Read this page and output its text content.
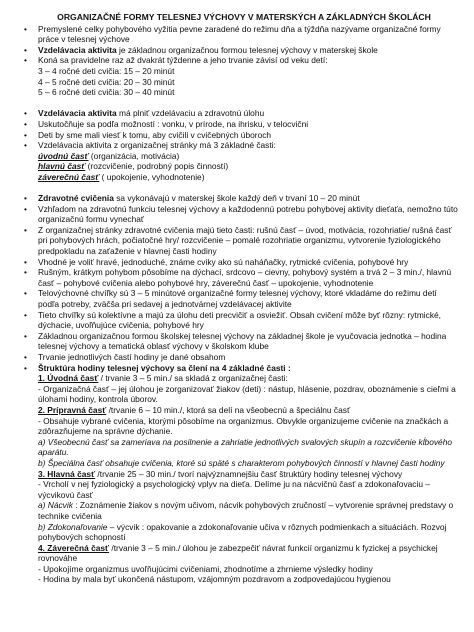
ORGANIZAČNÉ FORMY TELESNEJ VÝCHOVY V MATERSKÝCH A ZÁKLADNÝCH ŠKOLÁCH
• Premyslené celky pohybového vyžitia pevne zaradené do režimu dňa a týždňa nazývame organizačné formy práce v telesnej výchove
• Vzdelávacia aktivita je základnou organizačnou formou telesnej výchovy v materskej škole
• Koná sa pravidelne raz až dvakrát týždenne a jeho trvanie závisí od veku detí:
3 – 4 ročné deti cvičia: 15 – 20 minút
4 – 5 ročné deti cvičia: 20 – 30 minút
5 – 6 ročné deti cvičia: 30 – 40 minút
• Vzdelávacia aktivita má plniť vzdelávaciu a zdravotnú úlohu
• Uskutočňuje sa podľa možností : vonku, v prírode, na ihrisku, v telocvični
• Deti by sme mali viesť k tomu, aby cvičili v cvičebných úboroch
• Vzdelávacia aktivita z organizačnej stránky má 3 základné časti:
úvodnú časť (organizácia, motivácia)
hlavnú časť (rozcvičenie, podrobný popis činností)
záverečnú časť ( upokojenie, vyhodnotenie)
• Zdravotné cvičenia sa vykonávajú v materskej škole každý deň v trvaní 10 – 20 minút
• Vzhľadom na zdravotnú funkciu telesnej výchovy a každodennú potrebu pohybovej aktivity dieťaťa, nemožno túto organizačnú formu vynechať
• Z organizačnej stránky zdravotné cvičenia majú tieto časti: rušnú časť – úvod, motivácia, rozohriatie/ rušná časť pri pohybových hrách, počiatočné hry/ rozcvičenie – pomalé rozohriatie organizmu, vytvorenie fyziologického predpokladu na zaťaženie v hlavnej časti hodiny
• Vhodné je voliť hravé, jednoduché, známe cviky ako sú naháňačky, rytmické cvičenia, pohybové hry
• Rušným, krátkym pohybom pôsobíme na dýchací, srdcovo – cievny, pohybový systém a trvá 2 – 3 min./, hlavnú časť – pohybové cvičenia alebo pohybové hry, záverečnú časť – upokojenie, vyhodnotenie
• Telovýchovné chvíľky sú 3 – 5 minútové organizačné formy telesnej výchovy, ktoré vkladáme do režimu detí podľa potreby, zväčša pri sedavej a jednotvárnej vzdelávacej aktivite
• Tieto chvíľky sú kolektívne a majú za úlohu deti precvičiť a osviežiť. Obsah cvičení môže byť rôzny: rytmické, dýchacie, uvoľňujúce cvičenia, pohybové hry
• Základnou organizačnou formou školskej telesnej výchovy na základnej škole je vyučovacia jednotka – hodina telesnej výchovy a tematická oblasť výchovy v školskom klube
• Trvanie jednotlivých častí hodiny je dané obsahom
• Štruktúra hodiny telesnej výchovy sa člení na 4 základné časti :
1. Úvodná časť / trvanie 3 – 5 min./ sa skladá z organizačnej časti:
- Organizačná časť – jej úlohou je zorganizovať žiakov (deti) : nástup, hlásenie, pozdrav, oboznámenie s cieľmi a úlohami hodiny, kontrola úborov.
2. Prípravná časť /trvanie 6 – 10 min./, ktorá sa delí na všeobecnú a špeciálnu časť
- Obsahuje vybrané cvičenia, ktorými pôsobíme na organizmus. Obvykle organizujeme cvičenie na značkách a zdôrazňujeme na správne dýchanie.
a) Všeobecnú časť sa zameriava na posilnenie a zahriatie jednotlivých svalových skupín a rozcvičenie kĺbového aparátu.
b) Špeciálna časť obsahuje cvičenia, ktoré sú späté s charakterom pohybových činností v hlavnej časti hodiny
3. Hlavná časť /trvanie 25 – 30 min./ tvorí najvýznamnejšiu časť štruktúry hodiny telesnej výchovy
- Vrcholí v nej fyziologický a psychologický vplyv na dieťa. Delíme ju na nácvičnú časť a zdokonaľovaciu – výcvikovú časť
a) Nácvik : Zoznámenie žiakov s novým učivom, nácvik pohybových zručností – vytvorenie správnej predstavy o technike cvičenia
b) Zdokonaľovanie – výcvik : opakovanie a zdokonaľovanie učiva v rôznych podmienkach a situáciách. Rozvoj pohybových schopností
4. Záverečná časť /trvanie 3 – 5 min./ úlohou je zabezpečiť návrat funkcií organizmu k fyzickej a psychickej rovnováhe
- Upokojíme organizmus uvoľňujúcimi cvičeniami, zhodnotíme a zhrnieme výsledky hodiny
- Hodina by mala byť ukončená nástupom, vzájomným pozdravom a zodpovedajúcou hygienou
